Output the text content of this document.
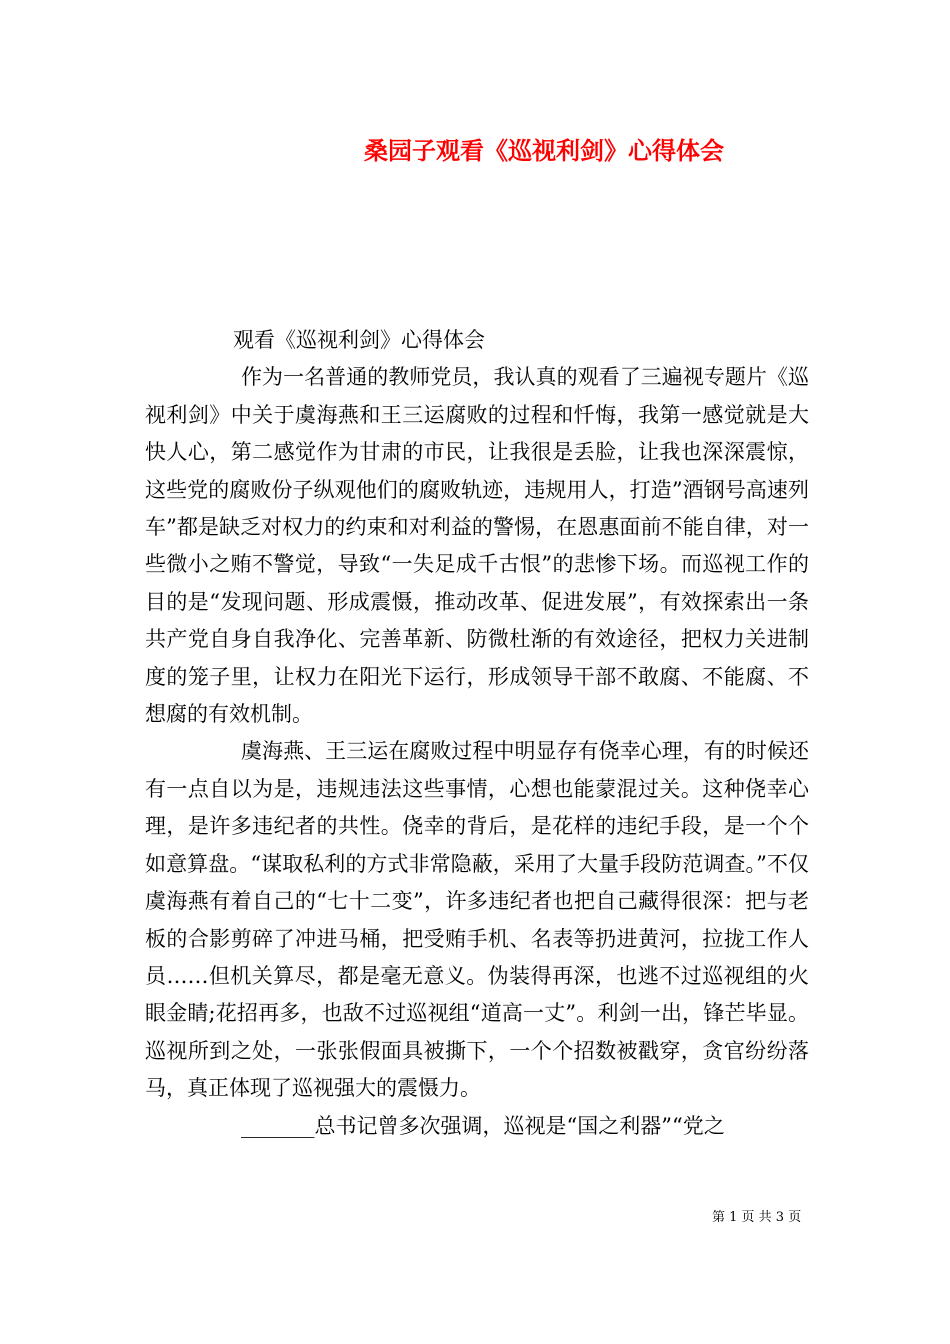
桑园子观看《巡视利剑》心得体会

观看《巡视利剑》心得体会

作为一名普通的教师党员，我认真的观看了三遍视专题片《巡视利剑》中关于虞海燕和王三运腐败的过程和忏悔，我第一感觉就是大快人心，第二感觉作为甘肃的市民，让我很是丢脸，让我也深深震惊，这些党的腐败份子纵观他们的腐败轨迹，违规用人，打造”酒钢号高速列车”都是缺乏对权力的约束和对利益的警惕，在恩惠面前不能自律，对一些微小之贿不警觉，导致“一失足成千古恨”的悲惨下场。而巡视工作的目的是“发现问题、形成震慑，推动改革、促进发展”，有效探索出一条共产党自身自我净化、完善革新、防微杜渐的有效途径，把权力关进制度的笼子里，让权力在阳光下运行，形成领导干部不敢腐、不能腐、不想腐的有效机制。

虞海燕、王三运在腐败过程中明显存有侥幸心理，有的时候还有一点自以为是，违规违法这些事情，心想也能蒙混过关。这种侥幸心理，是许多违纪者的共性。侥幸的背后，是花样的违纪手段，是一个个如意算盘。“谋取私利的方式非常隐蔽，采用了大量手段防范调查。”不仅虞海燕有着自己的“七十二变”，许多违纪者也把自己藏得很深：把与老板的合影剪碎了冲进马桶，把受贿手机、名表等扔进黄河，拉拢工作人员……但机关算尽，都是毫无意义。伪装得再深，也逃不过巡视组的火眼金睛;花招再多，也敌不过巡视组“道高一丈”。利剑一出，锋芒毕显。巡视所到之处，一张张假面具被撕下，一个个招数被戳穿，贪官纷纷落马，真正体现了巡视强大的震慑力。

_______总书记曾多次强调，巡视是“国之利器”“党之

第 1 页 共 3 页
